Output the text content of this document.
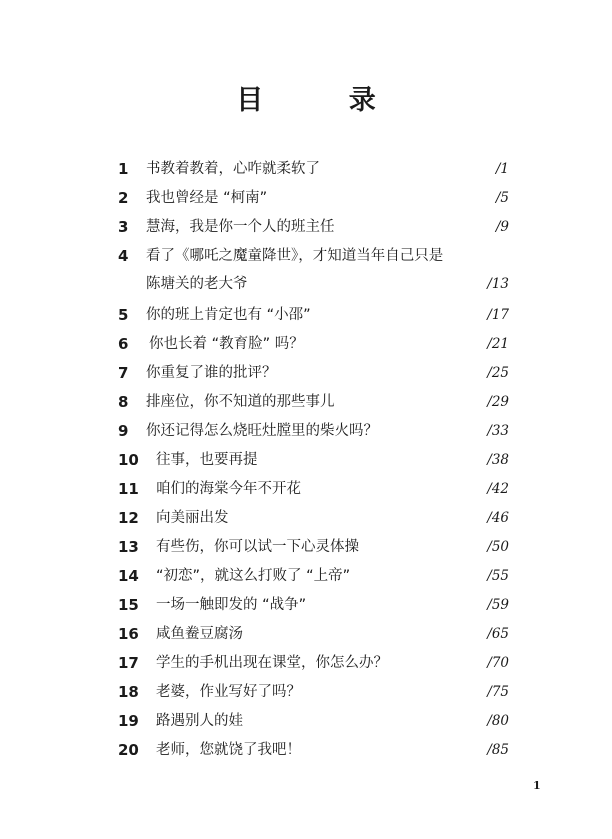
目 录
1	书教着教着，心咋就柔软了	/1
2	我也曾经是 “柯南”	/5
3	慧海，我是你一个人的班主任	/9
4	看了《哪吒之魔童降世》，才知道当年自己只是
陈塘关的老大爷	/13
5	你的班上肯定也有 “小邵”	/17
6	你也长着 “教育脸” 吗？	/21
7	你重复了谁的批评？	/25
8	排座位，你不知道的那些事儿	/29
9	你还记得怎么烧旺灶膛里的柴火吗？	/33
10	往事，也要再提	/38
11	咱们的海棠今年不开花	/42
12	向美丽出发	/46
13	有些伤，你可以试一下心灵体操	/50
14	“初恋”，就这么打败了 “上帝”	/55
15	一场一触即发的 “战争”	/59
16	咸鱼鲞豆腐汤	/65
17	学生的手机出现在课堂，你怎么办？	/70
18	老婆，作业写好了吗？	/75
19	路遇别人的娃	/80
20	老师，您就饶了我吧！	/85
1
